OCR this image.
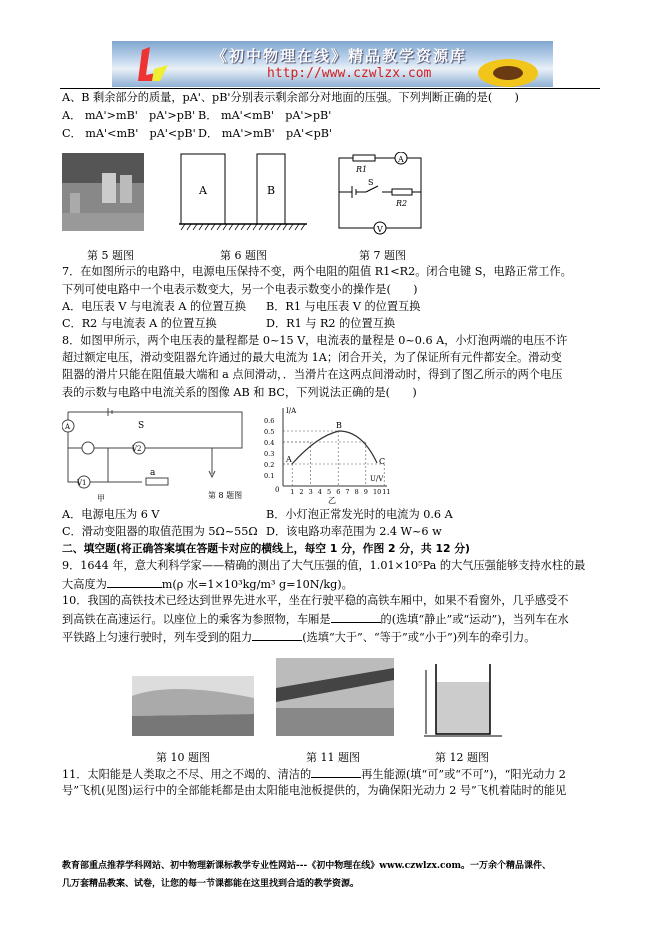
《初中物理在线》精品教学资源库
http://www.czwlzx.com
A、B 剩余部分的质量，pA'、pB'分别表示剩余部分对地面的压强。下列判断正确的是(　　)
A． mA'>mB'　pA'>pB' B． mA'<mB'　pA'>pB'
C． mA'<mB'　pA'<pB' D． mA'>mB'　pA'<pB'
A	B
A
V
R1
S
R2
第 5 题图	第 6 题图	第 7 题图
7．在如图所示的电路中，电源电压保持不变，两个电阻的阻值 R1<R2。闭合电键 S，电路正常工作。
下列可使电路中一个电表示数变大，另一个电表示数变小的操作是(　　)
A．电压表 V 与电流表 A 的位置互换 B．R1 与电压表 V 的位置互换
C．R2 与电流表 A 的位置互换	D．R1 与 R2 的位置互换
8．如图甲所示，两个电压表的量程都是 0~15 V，电流表的量程是 0~0.6 A，小灯泡两端的电压不许
超过额定电压，滑动变阻器允许通过的最大电流为 1A；闭合开关，为了保证所有元件都安全。滑动变
阻器的滑片只能在阻值最大端和 a 点间滑动，．当滑片在这两点间滑动时，得到了图乙所示的两个电压
表的示数与电路中电流关系的图像 AB 和 BC，下列说法正确的是(　　)
A
V2
V1
S
a
甲	第 8 题图
I/A
U/V
0
A
B
C
0.6
0.5
0.4
0.3
0.2
0.1
1 2 3 4 5 6 7 8 9 10 11
乙
A．电源电压为 6 V	B．小灯泡正常发光时的电流为 0.6 A
C．滑动变阻器的取值范围为 5Ω~55Ω D．该电路功率范围为 2.4 W~6 w
二、填空题(将正确答案填在答题卡对应的横线上，每空 1 分，作图 2 分，共 12 分)
9．1644 年，意大利科学家——精确的测出了大气压强的值，1.01×10⁵Pa 的大气压强能够支持水柱的最
大高度为	m(ρ 水=1×10³kg/m³ g=10N/kg)。
10．我国的高铁技术已经达到世界先进水平，坐在行驶平稳的高铁车厢中，如果不看窗外，几乎感受不
到高铁在高速运行。以座位上的乘客为参照物，车厢是	的(选填“静止”或“运动”)，当列车在水
平铁路上匀速行驶时，列车受到的阻力	(选填“大于”、“等于”或“小于”)列车的牵引力。
第 10 题图	第 11 题图	第 12 题图
11．太阳能是人类取之不尽、用之不竭的、清洁的	再生能源(填“可”或“不可”)，“阳光动力 2
号”飞机(见图)运行中的全部能耗都是由太阳能电池板提供的，为确保阳光动力 2 号”飞机着陆时的能见
教育部重点推荐学科网站、初中物理新课标教学专业性网站---《初中物理在线》www.czwlzx.com。一万余个精品课件、
几万套精品教案、试卷，让您的每一节课都能在这里找到合适的教学资源。
